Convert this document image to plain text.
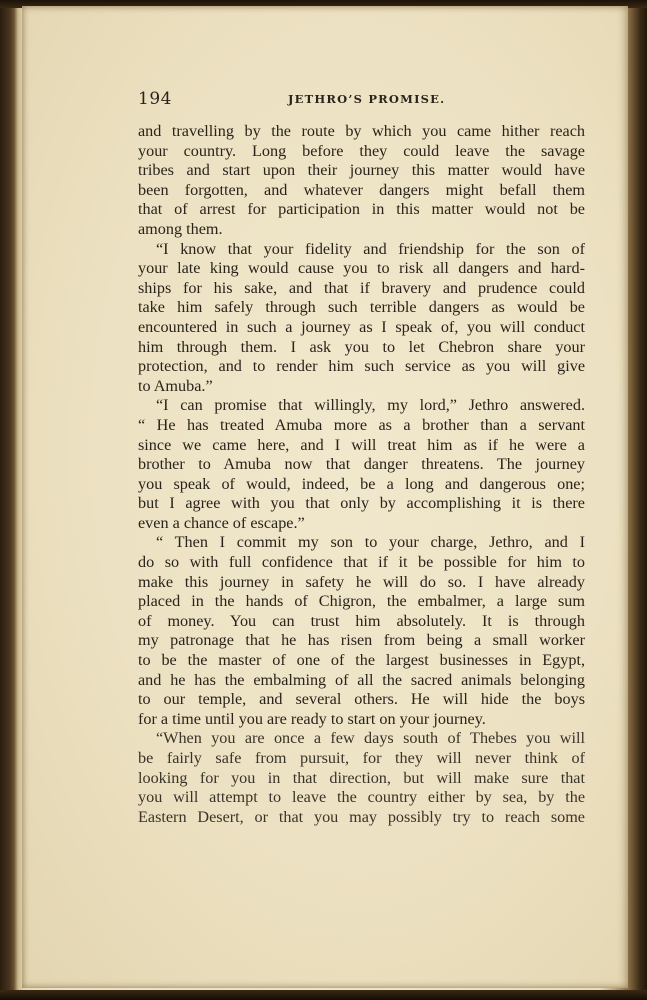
194	JETHRO’S PROMISE.
and travelling by the route by which you came hither reach
your country. Long before they could leave the savage
tribes and start upon their journey this matter would have
been forgotten, and whatever dangers might befall them
that of arrest for participation in this matter would not be
among them.
“I know that your fidelity and friendship for the son of
your late king would cause you to risk all dangers and hard-
ships for his sake, and that if bravery and prudence could
take him safely through such terrible dangers as would be
encountered in such a journey as I speak of, you will conduct
him through them. I ask you to let Chebron share your
protection, and to render him such service as you will give
to Amuba.”
“I can promise that willingly, my lord,” Jethro answered.
“ He has treated Amuba more as a brother than a servant
since we came here, and I will treat him as if he were a
brother to Amuba now that danger threatens. The journey
you speak of would, indeed, be a long and dangerous one;
but I agree with you that only by accomplishing it is there
even a chance of escape.”
“ Then I commit my son to your charge, Jethro, and I
do so with full confidence that if it be possible for him to
make this journey in safety he will do so. I have already
placed in the hands of Chigron, the embalmer, a large sum
of money. You can trust him absolutely. It is through
my patronage that he has risen from being a small worker
to be the master of one of the largest businesses in Egypt,
and he has the embalming of all the sacred animals belonging
to our temple, and several others. He will hide the boys
for a time until you are ready to start on your journey.
“When you are once a few days south of Thebes you will
be fairly safe from pursuit, for they will never think of
looking for you in that direction, but will make sure that
you will attempt to leave the country either by sea, by the
Eastern Desert, or that you may possibly try to reach some
